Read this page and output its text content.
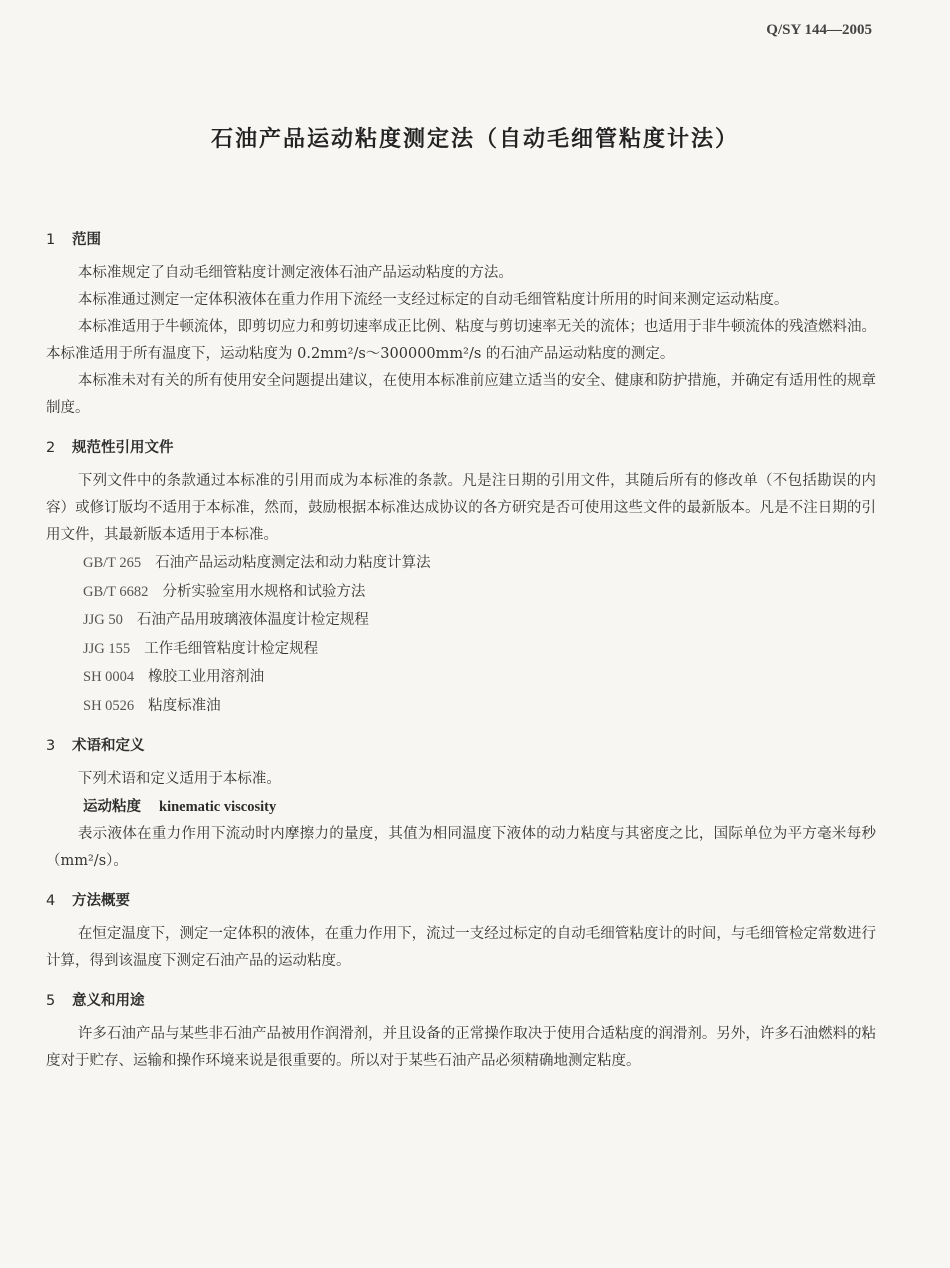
Q/SY 144—2005
石油产品运动粘度测定法（自动毛细管粘度计法）
1 范围

本标准规定了自动毛细管粘度计测定液体石油产品运动粘度的方法。

本标准通过测定一定体积液体在重力作用下流经一支经过标定的自动毛细管粘度计所用的时间来测定运动粘度。

本标准适用于牛顿流体，即剪切应力和剪切速率成正比例、粘度与剪切速率无关的流体；也适用于非牛顿流体的残渣燃料油。本标准适用于所有温度下，运动粘度为 0.2mm²/s～300000mm²/s 的石油产品运动粘度的测定。

本标准未对有关的所有使用安全问题提出建议，在使用本标准前应建立适当的安全、健康和防护措施，并确定有适用性的规章制度。

2 规范性引用文件

下列文件中的条款通过本标准的引用而成为本标准的条款。凡是注日期的引用文件，其随后所有的修改单（不包括勘误的内容）或修订版均不适用于本标准，然而，鼓励根据本标准达成协议的各方研究是否可使用这些文件的最新版本。凡是不注日期的引用文件，其最新版本适用于本标准。

GB/T 265 石油产品运动粘度测定法和动力粘度计算法
GB/T 6682 分析实验室用水规格和试验方法
JJG 50 石油产品用玻璃液体温度计检定规程
JJG 155 工作毛细管粘度计检定规程
SH 0004 橡胶工业用溶剂油
SH 0526 粘度标准油
3 术语和定义

下列术语和定义适用于本标准。

运动粘度 kinematic viscosity

表示液体在重力作用下流动时内摩擦力的量度，其值为相同温度下液体的动力粘度与其密度之比，国际单位为平方毫米每秒（mm²/s）。

4 方法概要

在恒定温度下，测定一定体积的液体，在重力作用下，流过一支经过标定的自动毛细管粘度计的时间，与毛细管检定常数进行计算，得到该温度下测定石油产品的运动粘度。

5 意义和用途

许多石油产品与某些非石油产品被用作润滑剂，并且设备的正常操作取决于使用合适粘度的润滑剂。另外，许多石油燃料的粘度对于贮存、运输和操作环境来说是很重要的。所以对于某些石油产品必须精确地测定粘度。
